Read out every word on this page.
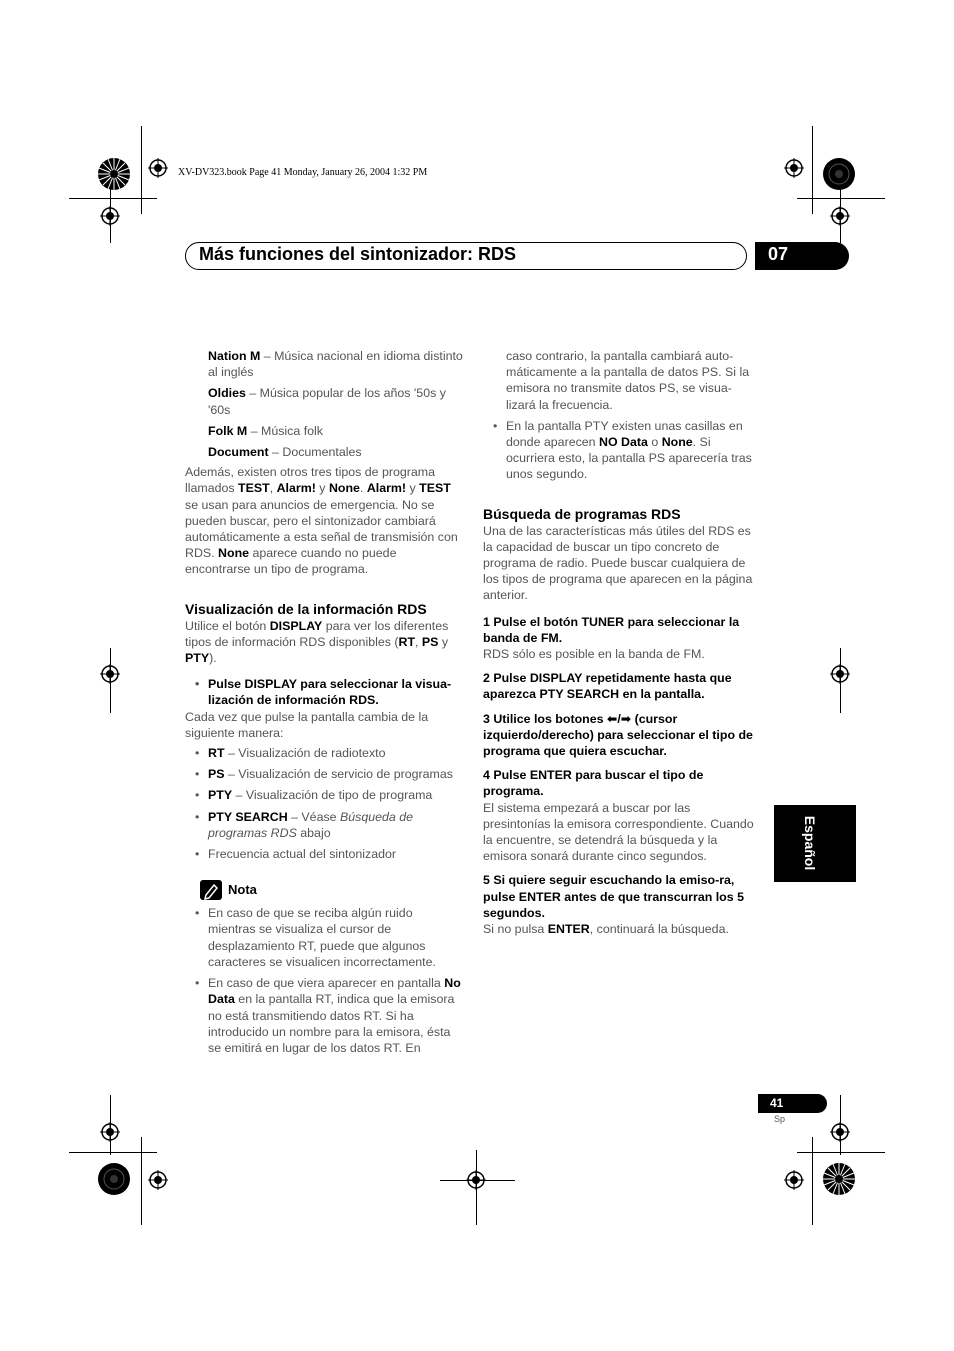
XV-DV323.book Page 41 Monday, January 26, 2004 1:32 PM
Más funciones del sintonizador: RDS	07
Español
41
Sp

Nation M – Música nacional en idioma distinto al inglés

Oldies – Música popular de los años '50s y '60s

Folk M – Música folk

Document – Documentales

Además, existen otros tres tipos de programa llamados TEST, Alarm! y None. Alarm! y TEST se usan para anuncios de emergencia. No se pueden buscar, pero el sintonizador cambiará automáticamente a esta señal de transmisión con RDS. None aparece cuando no puede encontrarse un tipo de programa.

Visualización de la información RDS

Utilice el botón DISPLAY para ver los diferentes tipos de información RDS disponibles (RT, PS y PTY).

• Pulse DISPLAY para seleccionar la visua-lización de información RDS.

Cada vez que pulse la pantalla cambia de la siguiente manera:

• RT – Visualización de radiotexto

• PS – Visualización de servicio de programas

• PTY – Visualización de tipo de programa

• PTY SEARCH – Véase Búsqueda de programas RDS abajo

• Frecuencia actual del sintonizador

Nota

• En caso de que se reciba algún ruido mientras se visualiza el cursor de desplazamiento RT, puede que algunos caracteres se visualicen incorrectamente.

• En caso de que viera aparecer en pantalla No Data en la pantalla RT, indica que la emisora no está transmitiendo datos RT. Si ha introducido un nombre para la emisora, ésta se emitirá en lugar de los datos RT. En

caso contrario, la pantalla cambiará auto-máticamente a la pantalla de datos PS. Si la emisora no transmite datos PS, se visua-lizará la frecuencia.

• En la pantalla PTY existen unas casillas en donde aparecen NO Data o None. Si ocurriera esto, la pantalla PS aparecería tras unos segundo.

Búsqueda de programas RDS

Una de las características más útiles del RDS es la capacidad de buscar un tipo concreto de programa de radio. Puede buscar cualquiera de los tipos de programa que aparecen en la página anterior.

1 Pulse el botón TUNER para seleccionar la banda de FM.

RDS sólo es posible en la banda de FM.

2 Pulse DISPLAY repetidamente hasta que aparezca PTY SEARCH en la pantalla.

3 Utilice los botones ⬅/➡ (cursor izquierdo/derecho) para seleccionar el tipo de programa que quiera escuchar.

4 Pulse ENTER para buscar el tipo de programa.

El sistema empezará a buscar por las presintonías la emisora correspondiente. Cuando la encuentre, se detendrá la búsqueda y la emisora sonará durante cinco segundos.

5 Si quiere seguir escuchando la emiso-ra, pulse ENTER antes de que transcurran los 5 segundos.

Si no pulsa ENTER, continuará la búsqueda.
